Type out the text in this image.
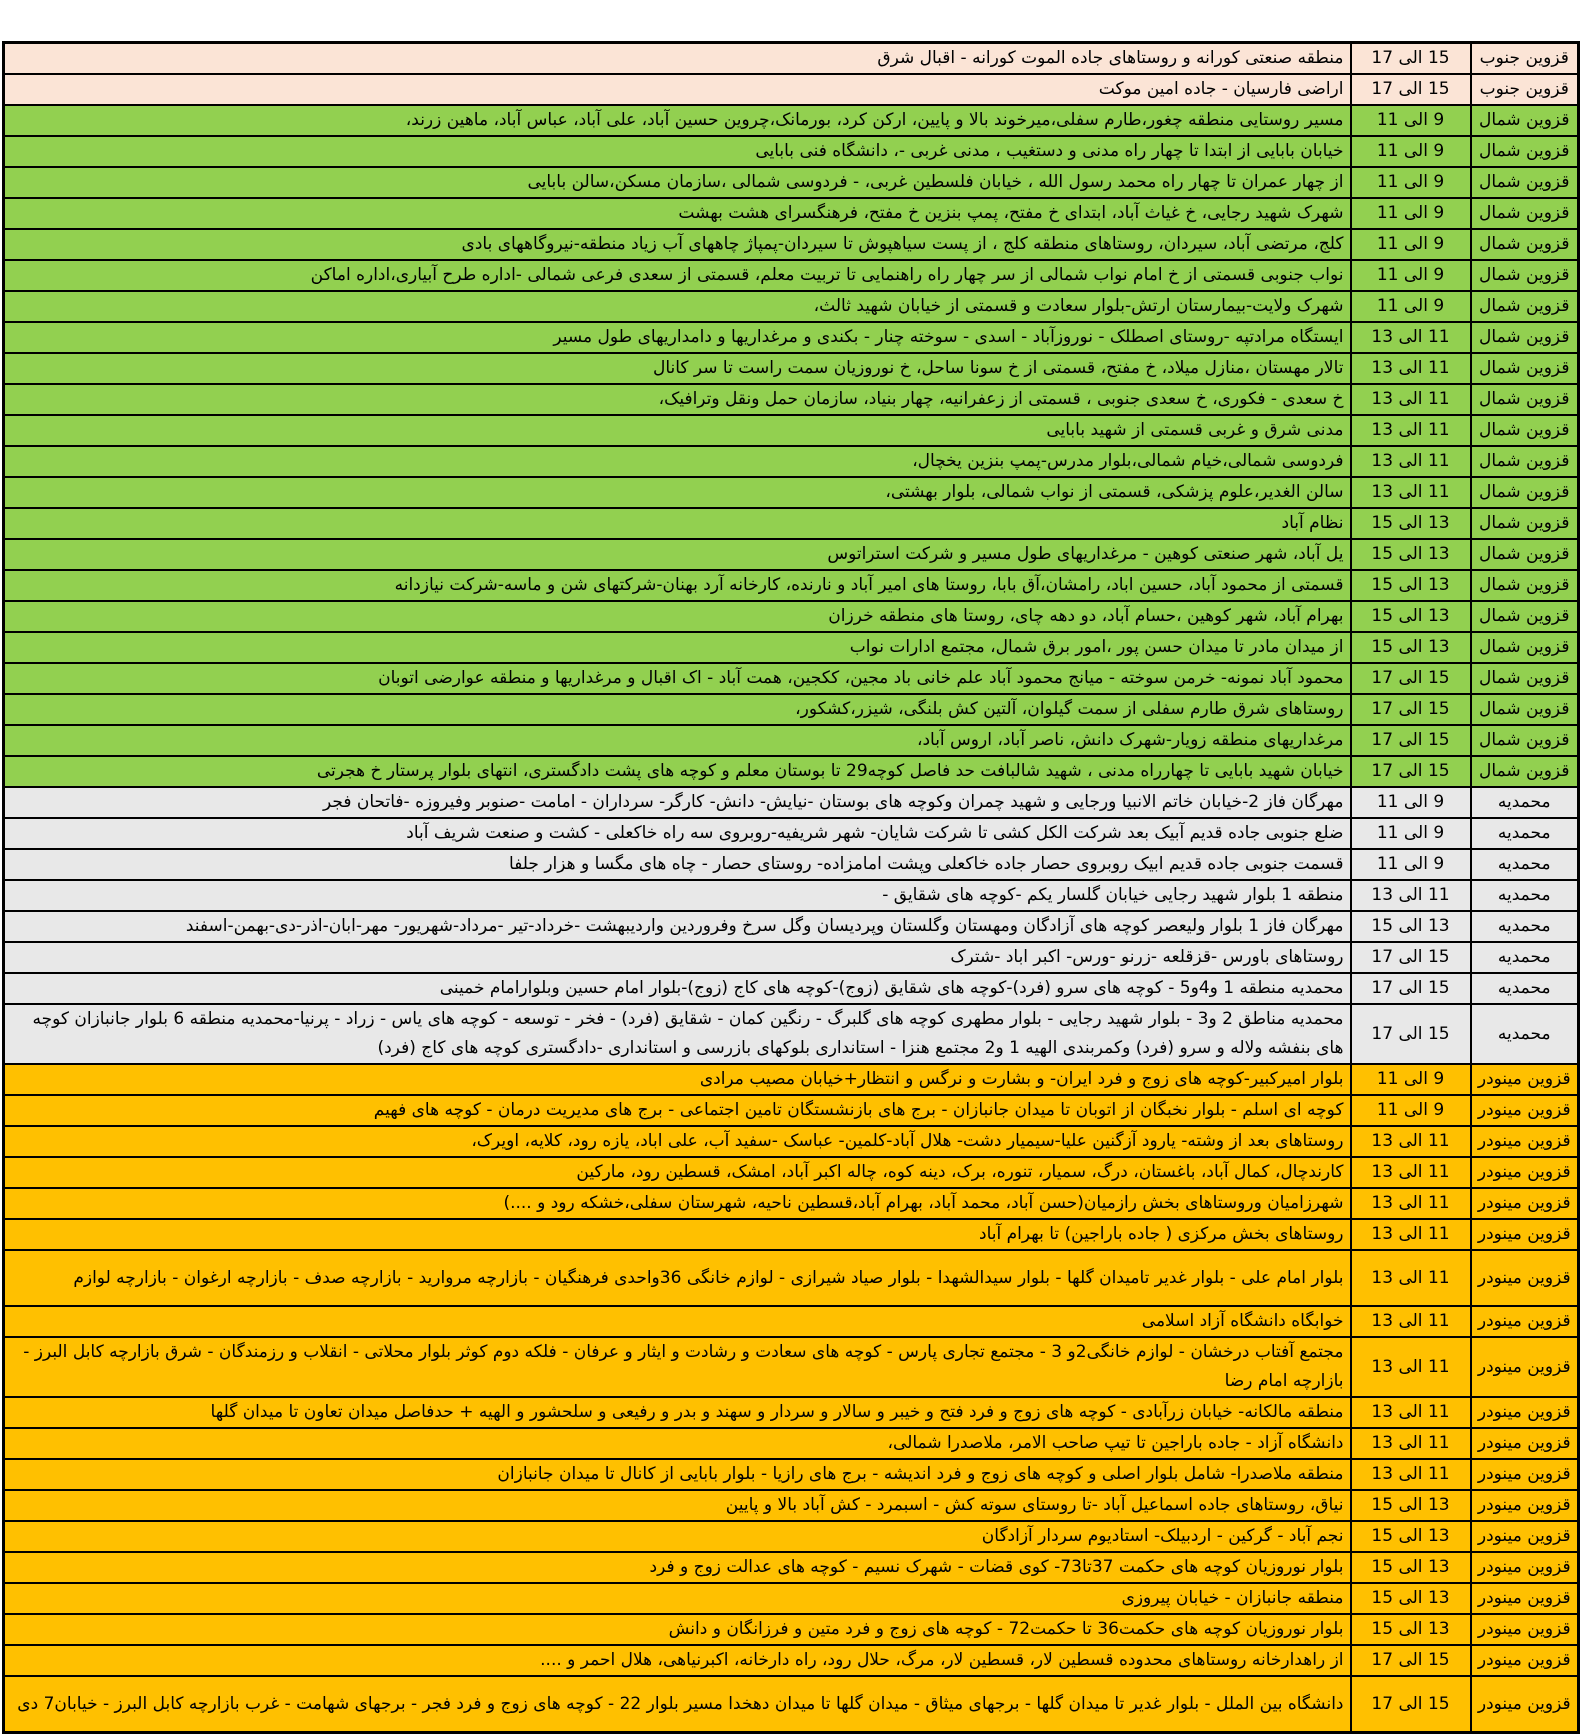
قزوین جنوب	15 الی 17	منطقه صنعتی کورانه و روستاهای جاده الموت کورانه - اقبال شرق
قزوین جنوب	15 الی 17	اراضی فارسیان - جاده امین موکت
قزوین شمال	9 الی 11	مسیر روستایی منطقه چغور،طارم سفلی،میرخوند بالا و پایین، ارکن کرد، بورمانک،چروین حسین آباد، علی آباد، عباس آباد، ماهین زرند،
قزوین شمال	9 الی 11	خیابان بابایی از ابتدا تا چهار راه مدنی و دستغیب ، مدنی غربی -، دانشگاه فنی بابایی
قزوین شمال	9 الی 11	از چهار عمران تا چهار راه محمد رسول الله ، خیابان فلسطین غربی، - فردوسی شمالی ،سازمان مسکن،سالن بابایی
قزوین شمال	9 الی 11	شهرک شهید رجایی، خ غیاث آباد، ابتدای خ مفتح، پمپ بنزین خ مفتح، فرهنگسرای هشت بهشت
قزوین شمال	9 الی 11	کلج، مرتضی آباد، سیردان، روستاهای منطقه کلج ، از پست سیاهپوش تا سیردان-پمپاژ چاههای آب زیاد منطقه-نیروگاههای بادی
قزوین شمال	9 الی 11	نواب جنوبی قسمتی از خ امام نواب شمالی از سر چهار راه راهنمایی تا تربیت معلم، قسمتی از سعدی فرعی شمالی -اداره طرح آبیاری،اداره اماکن
قزوین شمال	9 الی 11	شهرک ولایت-بیمارستان ارتش-بلوار سعادت و قسمتی از خیابان شهید ثالث،
قزوین شمال	11 الی 13	ایستگاه مرادتپه -روستای اصطلک - نوروزآباد - اسدی - سوخته چنار - بکندی و مرغداریها و دامداریهای طول مسیر
قزوین شمال	11 الی 13	تالار مهستان ،منازل میلاد، خ مفتح، قسمتی از خ سونا ساحل، خ نوروزیان سمت راست تا سر کانال
قزوین شمال	11 الی 13	خ سعدی - فکوری، خ سعدی جنوبی ، قسمتی از زعفرانیه، چهار بنیاد، سازمان حمل ونقل وترافیک،
قزوین شمال	11 الی 13	مدنی شرق و غربی قسمتی از شهید بابایی
قزوین شمال	11 الی 13	فردوسی شمالی،خیام شمالی،بلوار مدرس-پمپ بنزین یخچال،
قزوین شمال	11 الی 13	سالن الغدیر،علوم پزشکی، قسمتی از نواب شمالی، بلوار بهشتی،
قزوین شمال	13 الی 15	نظام آباد
قزوین شمال	13 الی 15	یل آباد، شهر صنعتی کوهین - مرغداریهای طول مسیر و شرکت استراتوس
قزوین شمال	13 الی 15	قسمتی از محمود آباد، حسین اباد، رامشان،آق بابا، روستا های امیر آباد و نارنده، کارخانه آرد بهنان-شرکتهای شن و ماسه-شرکت نیازدانه
قزوین شمال	13 الی 15	بهرام آباد، شهر کوهین ،حسام آباد، دو دهه چای، روستا های منطقه خرزان
قزوین شمال	13 الی 15	از میدان مادر تا میدان حسن پور ،امور برق شمال، مجتمع ادارات نواب
قزوین شمال	15 الی 17	محمود آباد نمونه- خرمن سوخته - میانج محمود آباد علم خانی باد مجین، ککجین، همت آباد - اک اقبال و مرغداریها و منطقه عوارضی اتوبان
قزوین شمال	15 الی 17	روستاهای شرق طارم سفلی از سمت گیلوان، آلتین کش بلنگی، شیزر،کشکور،
قزوین شمال	15 الی 17	مرغداریهای منطقه زویار-شهرک دانش، ناصر آباد، اروس آباد،
قزوین شمال	15 الی 17	خیابان شهید بابایی تا چهارراه مدنی ، شهید شالبافت حد فاصل کوچه29 تا بوستان معلم و کوچه های پشت دادگستری، انتهای بلوار پرستار خ هجرتی
محمدیه	9 الی 11	مهرگان فاز 2-خیابان خاتم الانبیا ورجایی و شهید چمران وکوچه های بوستان -نیایش- دانش- کارگر- سرداران - امامت -صنوبر وفیروزه -فاتحان فجر
محمدیه	9 الی 11	ضلع جنوبی جاده قدیم آبیک بعد شرکت الکل کشی تا شرکت شایان- شهر شریفیه-روبروی سه راه خاکعلی - کشت و صنعت شریف آباد
محمدیه	9 الی 11	قسمت جنوبی جاده قدیم ابیک روبروی حصار جاده خاکعلی وپشت امامزاده- روستای حصار - چاه های مگسا و هزار جلفا
محمدیه	11 الی 13	منطقه 1 بلوار شهید رجایی خیابان گلسار یکم -کوچه های شقایق -
محمدیه	13 الی 15	مهرگان فاز 1 بلوار ولیعصر کوچه های آزادگان ومهستان وگلستان وپردیسان وگل سرخ وفروردین واردیبهشت -خرداد-تیر -مرداد-شهریور- مهر-ابان-اذر-دی-بهمن-اسفند
محمدیه	15 الی 17	روستاهای باورس -قزقلعه -زرنو -ورس- اکبر اباد -شترک
محمدیه	15 الی 17	محمدیه منطقه 1 و4و5 - کوچه های سرو (فرد)-کوچه های شقایق (زوج)-کوچه های کاج (زوج)-بلوار امام حسین وبلوارامام خمینی
محمدیه	15 الی 17	محمدیه مناطق 2 و3 - بلوار شهید رجایی - بلوار مطهری کوچه های گلبرگ - رنگین کمان - شقایق (فرد) - فخر - توسعه - کوچه های یاس - زراد - پرنیا-محمدیه منطقه 6 بلوار جانبازان کوچه های بنفشه ولاله و سرو (فرد) وکمربندی الهیه 1 و2 مجتمع هنزا - استانداری بلوکهای بازرسی و استانداری -دادگستری کوچه های کاج (فرد)
قزوین مینودر	9 الی 11	بلوار امیرکبیر-کوچه های زوج و فرد ایران- و بشارت و نرگس و انتظار+خیابان مصیب مرادی
قزوین مینودر	9 الی 11	کوچه ای اسلم - بلوار نخبگان از اتوبان تا میدان جانبازان - برج های بازنشستگان تامین اجتماعی - برج های مدیریت درمان - کوچه های فهیم
قزوین مینودر	11 الی 13	روستاهای بعد از وشته- یارود آزگنین علیا-سیمیار دشت- هلال آباد-کلمین- عباسک -سفید آب، علی اباد، یازه رود، کلایه، اویرک،
قزوین مینودر	11 الی 13	کارندچال، کمال آباد، باغستان، درگ، سمیار، تنوره، برک، دینه کوه، چاله اکبر آباد، امشک، قسطین رود، مارکین
قزوین مینودر	11 الی 13	شهرزامیان وروستاهای بخش رازمیان(حسن آباد، محمد آباد، بهرام آباد،قسطین ناحیه، شهرستان سفلی،خشکه رود و ....)
قزوین مینودر	11 الی 13	روستاهای بخش مرکزی ( جاده باراجین) تا بهرام آباد
قزوین مینودر	11 الی 13	بلوار امام علی - بلوار غدیر تامیدان گلها - بلوار سیدالشهدا - بلوار صیاد شیرازی - لوازم خانگی 36واحدی فرهنگیان - بازارچه مروارید - بازارچه صدف - بازارچه ارغوان - بازارچه لوازم
قزوین مینودر	11 الی 13	خوابگاه دانشگاه آزاد اسلامی
قزوین مینودر	11 الی 13	مجتمع آفتاب درخشان - لوازم خانگی2و 3 - مجتمع تجاری پارس - کوچه های سعادت و رشادت و ایثار و عرفان - فلکه دوم کوثر بلوار محلاتی - انقلاب و رزمندگان - شرق بازارچه کابل البرز - بازارچه امام رضا
قزوین مینودر	11 الی 13	منطقه مالکانه- خیابان زرآبادی - کوچه های زوج و فرد فتح و خیبر و سالار و سردار و سهند و بدر و رفیعی و سلحشور و الهیه + حدفاصل میدان تعاون تا میدان گلها
قزوین مینودر	11 الی 13	دانشگاه آزاد - جاده باراجین تا تیپ صاحب الامر، ملاصدرا شمالی،
قزوین مینودر	11 الی 13	منطقه ملاصدرا- شامل بلوار اصلی و کوچه های زوج و فرد اندیشه - برج های رازیا - بلوار بابایی از کانال تا میدان جانبازان
قزوین مینودر	13 الی 15	نیاق، روستاهای جاده اسماعیل آباد -تا روستای سوته کش - اسبمرد - کش آباد بالا و پایین
قزوین مینودر	13 الی 15	نجم آباد - گرکین - اردبیلک- استادیوم سردار آزادگان
قزوین مینودر	13 الی 15	بلوار نوروزیان کوچه های حکمت 37تا73- کوی قضات - شهرک نسیم - کوچه های عدالت زوج و فرد
قزوین مینودر	13 الی 15	منطقه جانبازان - خیابان پیروزی
قزوین مینودر	13 الی 15	بلوار نوروزیان کوچه های حکمت36 تا حکمت72 - کوچه های زوج و فرد متین و فرزانگان و دانش
قزوین مینودر	15 الی 17	از راهدارخانه روستاهای محدوده قسطین لار، قسطین لار، مرگ، حلال رود، راه دارخانه، اکبرنیاهی، هلال احمر و ....
قزوین مینودر	15 الی 17	دانشگاه بین الملل - بلوار غدیر تا میدان گلها - برجهای میثاق - میدان گلها تا میدان دهخدا مسیر بلوار 22 - کوچه های زوج و فرد فجر - برجهای شهامت - غرب بازارچه کابل البرز - خیابان7 دی
